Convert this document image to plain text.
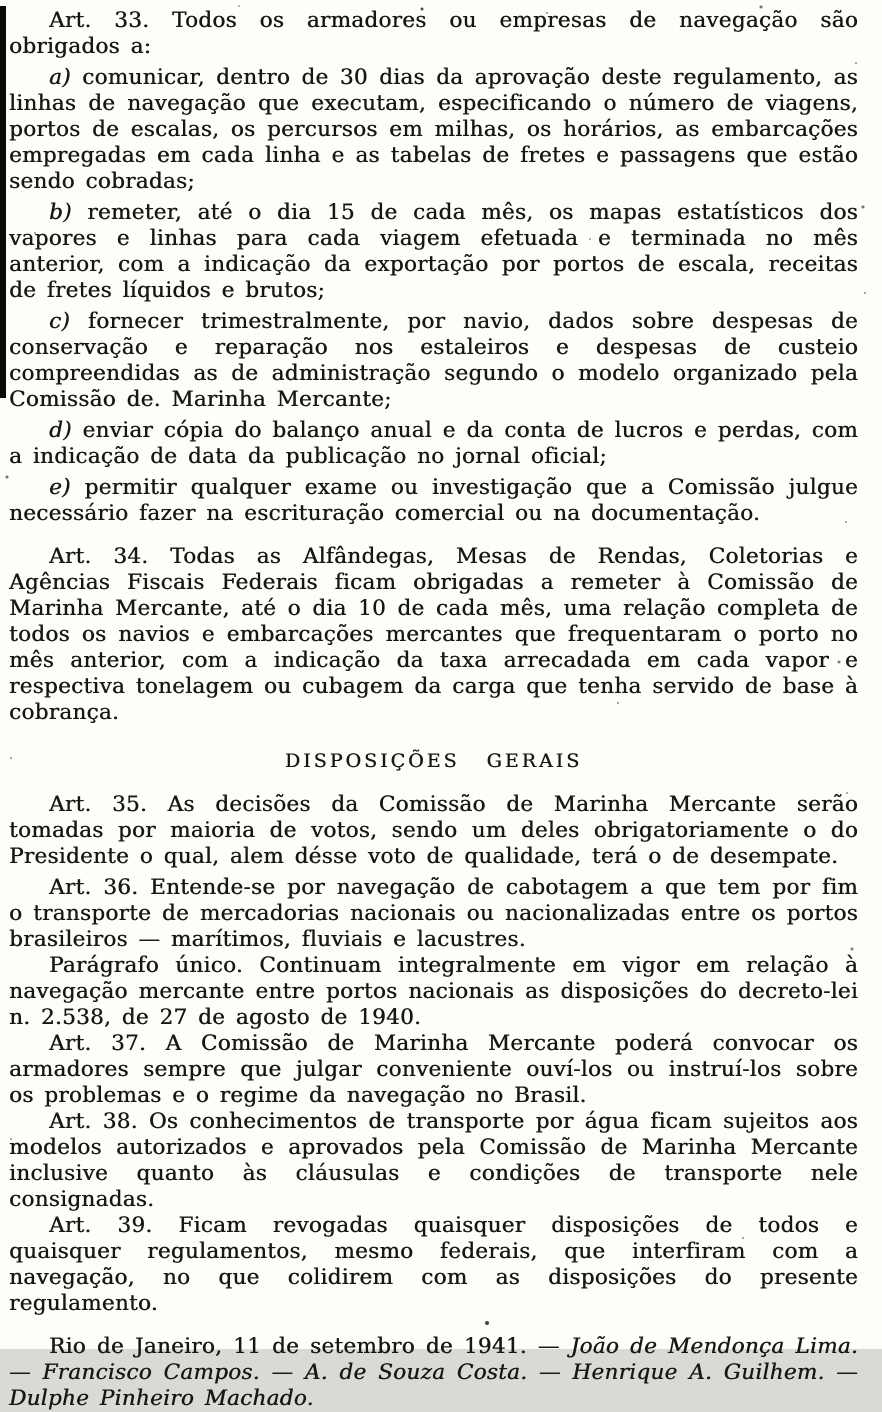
Art. 33. Todos os armadores ou empresas de navegação são obrigados a:

a) comunicar, dentro de 30 dias da aprovação deste regulamento, as linhas de navegação que executam, especificando o número de viagens, portos de escalas, os percursos em milhas, os horários, as embarcações empregadas em cada linha e as tabelas de fretes e passagens que estão sendo cobradas;

b) remeter, até o dia 15 de cada mês, os mapas estatísticos dos vapores e linhas para cada viagem efetuada e terminada no mês anterior, com a indicação da exportação por portos de escala, receitas de fretes líquidos e brutos;

c) fornecer trimestralmente, por navio, dados sobre despesas de conservação e reparação nos estaleiros e despesas de custeio compreendidas as de administração segundo o modelo organizado pela Comissão de. Marinha Mercante;

d) enviar cópia do balanço anual e da conta de lucros e perdas, com a indicação de data da publicação no jornal oficial;

e) permitir qualquer exame ou investigação que a Comissão julgue necessário fazer na escrituração comercial ou na documentação.

Art. 34. Todas as Alfândegas, Mesas de Rendas, Coletorias e Agências Fiscais Federais ficam obrigadas a remeter à Comissão de Marinha Mercante, até o dia 10 de cada mês, uma relação completa de todos os navios e embarcações mercantes que frequentaram o porto no mês anterior, com a indicação da taxa arrecadada em cada vapor e respectiva tonelagem ou cubagem da carga que tenha servido de base à cobrança.

DISPOSIÇÕES GERAIS

Art. 35. As decisões da Comissão de Marinha Mercante serão tomadas por maioria de votos, sendo um deles obrigatoriamente o do Presidente o qual, alem désse voto de qualidade, terá o de desempate.

Art. 36. Entende-se por navegação de cabotagem a que tem por fim o transporte de mercadorias nacionais ou nacionalizadas entre os portos brasileiros — marítimos, fluviais e lacustres.

Parágrafo único. Continuam integralmente em vigor em relação à navegação mercante entre portos nacionais as disposições do decreto-lei n. 2.538, de 27 de agosto de 1940.

Art. 37. A Comissão de Marinha Mercante poderá convocar os armadores sempre que julgar conveniente ouví-los ou instruí-los sobre os problemas e o regime da navegação no Brasil.

Art. 38. Os conhecimentos de transporte por água ficam sujeitos aos modelos autorizados e aprovados pela Comissão de Marinha Mercante inclusive quanto às cláusulas e condições de transporte nele consignadas.

Art. 39. Ficam revogadas quaisquer disposições de todos e quaisquer regulamentos, mesmo federais, que interfiram com a navegação, no que colidirem com as disposições do presente regulamento.

Rio de Janeiro, 11 de setembro de 1941. — João de Mendonça Lima. — Francisco Campos. — A. de Souza Costa. — Henrique A. Guilhem. — Dulphe Pinheiro Machado.
